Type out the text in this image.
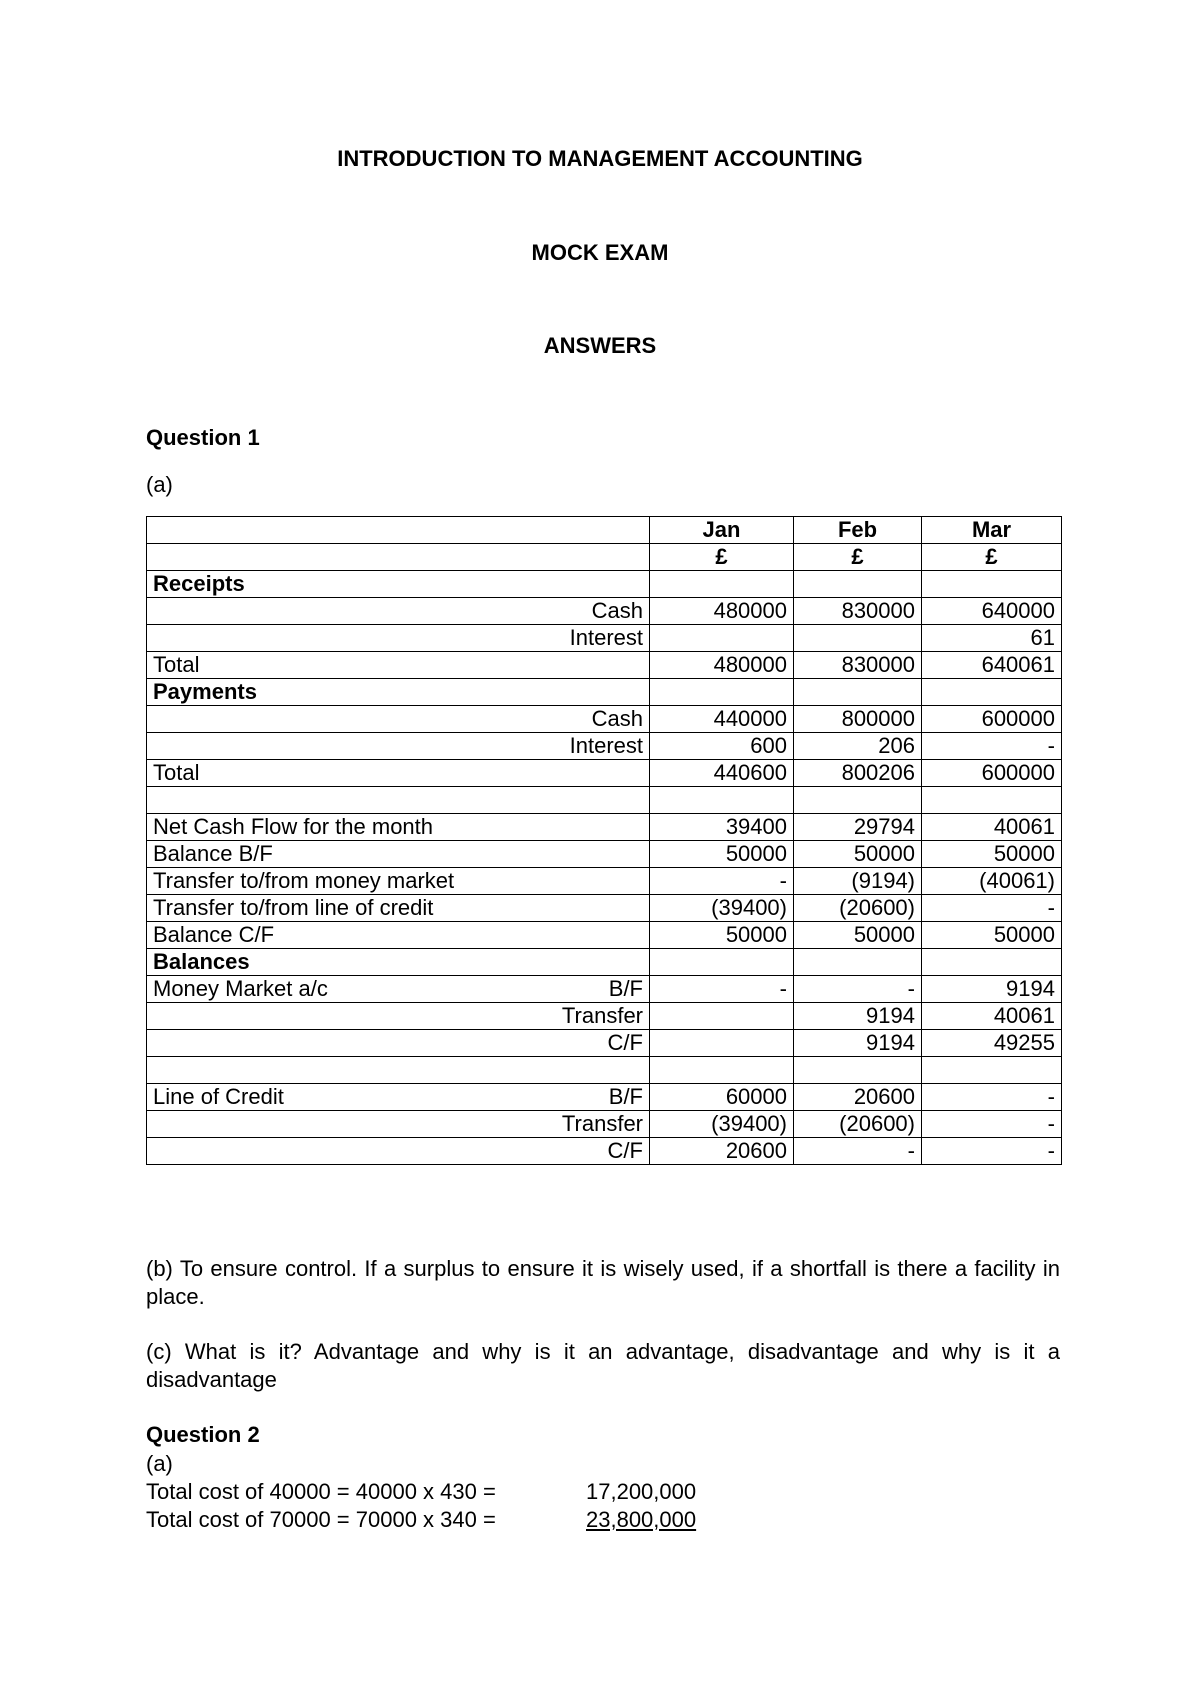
INTRODUCTION TO MANAGEMENT ACCOUNTING
MOCK EXAM
ANSWERS
Question 1
(a)
	Jan	Feb	Mar
	£	£	£
Receipts			
Cash	480000	830000	640000
Interest			61
Total	480000	830000	640061
Payments			
Cash	440000	800000	600000
Interest	600	206	-
Total	440600	800206	600000

Net Cash Flow for the month	39400	29794	40061
Balance B/F	50000	50000	50000
Transfer to/from money market	-	(9194)	(40061)
Transfer to/from line of credit	(39400)	(20600)	-
Balance C/F	50000	50000	50000
Balances			

Money Market a/c B/F	-	-	9194
Transfer		9194	40061
C/F		9194	49255

Line of Credit B/F	60000	20600	-
Transfer	(39400)	(20600)	-
C/F	20600	-	-
(b) To ensure control. If a surplus to ensure it is wisely used, if a shortfall is there a facility in place.
(c) What is it? Advantage and why is it an advantage, disadvantage and why is it a disadvantage
Question 2
(a)
Total cost of 40000 = 40000 x 430 =	17,200,000
Total cost of 70000 = 70000 x 340 =	23,800,000
